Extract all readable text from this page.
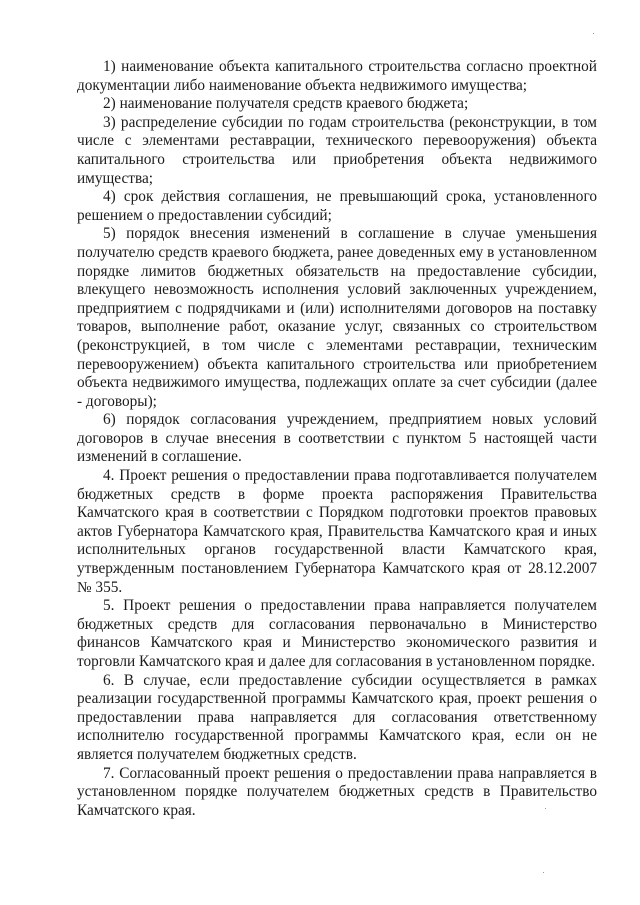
1) наименование объекта капитального строительства согласно проектной документации либо наименование объекта недвижимого имущества;

2) наименование получателя средств краевого бюджета;

3) распределение субсидии по годам строительства (реконструкции, в том числе с элементами реставрации, технического перевооружения) объекта капитального строительства или приобретения объекта недвижимого имущества;

4) срок действия соглашения, не превышающий срока, установленного решением о предоставлении субсидий;

5) порядок внесения изменений в соглашение в случае уменьшения получателю средств краевого бюджета, ранее доведенных ему в установленном порядке лимитов бюджетных обязательств на предоставление субсидии, влекущего невозможность исполнения условий заключенных учреждением, предприятием с подрядчиками и (или) исполнителями договоров на поставку товаров, выполнение работ, оказание услуг, связанных со строительством (реконструкцией, в том числе с элементами реставрации, техническим перевооружением) объекта капитального строительства или приобретением объекта недвижимого имущества, подлежащих оплате за счет субсидии (далее - договоры);

6) порядок согласования учреждением, предприятием новых условий договоров в случае внесения в соответствии с пунктом 5 настоящей части изменений в соглашение.

4. Проект решения о предоставлении права подготавливается получателем бюджетных средств в форме проекта распоряжения Правительства Камчатского края в соответствии с Порядком подготовки проектов правовых актов Губернатора Камчатского края, Правительства Камчатского края и иных исполнительных органов государственной власти Камчатского края, утвержденным постановлением Губернатора Камчатского края от 28.12.2007 № 355.

5. Проект решения о предоставлении права направляется получателем бюджетных средств для согласования первоначально в Министерство финансов Камчатского края и Министерство экономического развития и торговли Камчатского края и далее для согласования в установленном порядке.

6. В случае, если предоставление субсидии осуществляется в рамках реализации государственной программы Камчатского края, проект решения о предоставлении права направляется для согласования ответственному исполнителю государственной программы Камчатского края, если он не является получателем бюджетных средств.

7. Согласованный проект решения о предоставлении права направляется в установленном порядке получателем бюджетных средств в Правительство Камчатского края.
